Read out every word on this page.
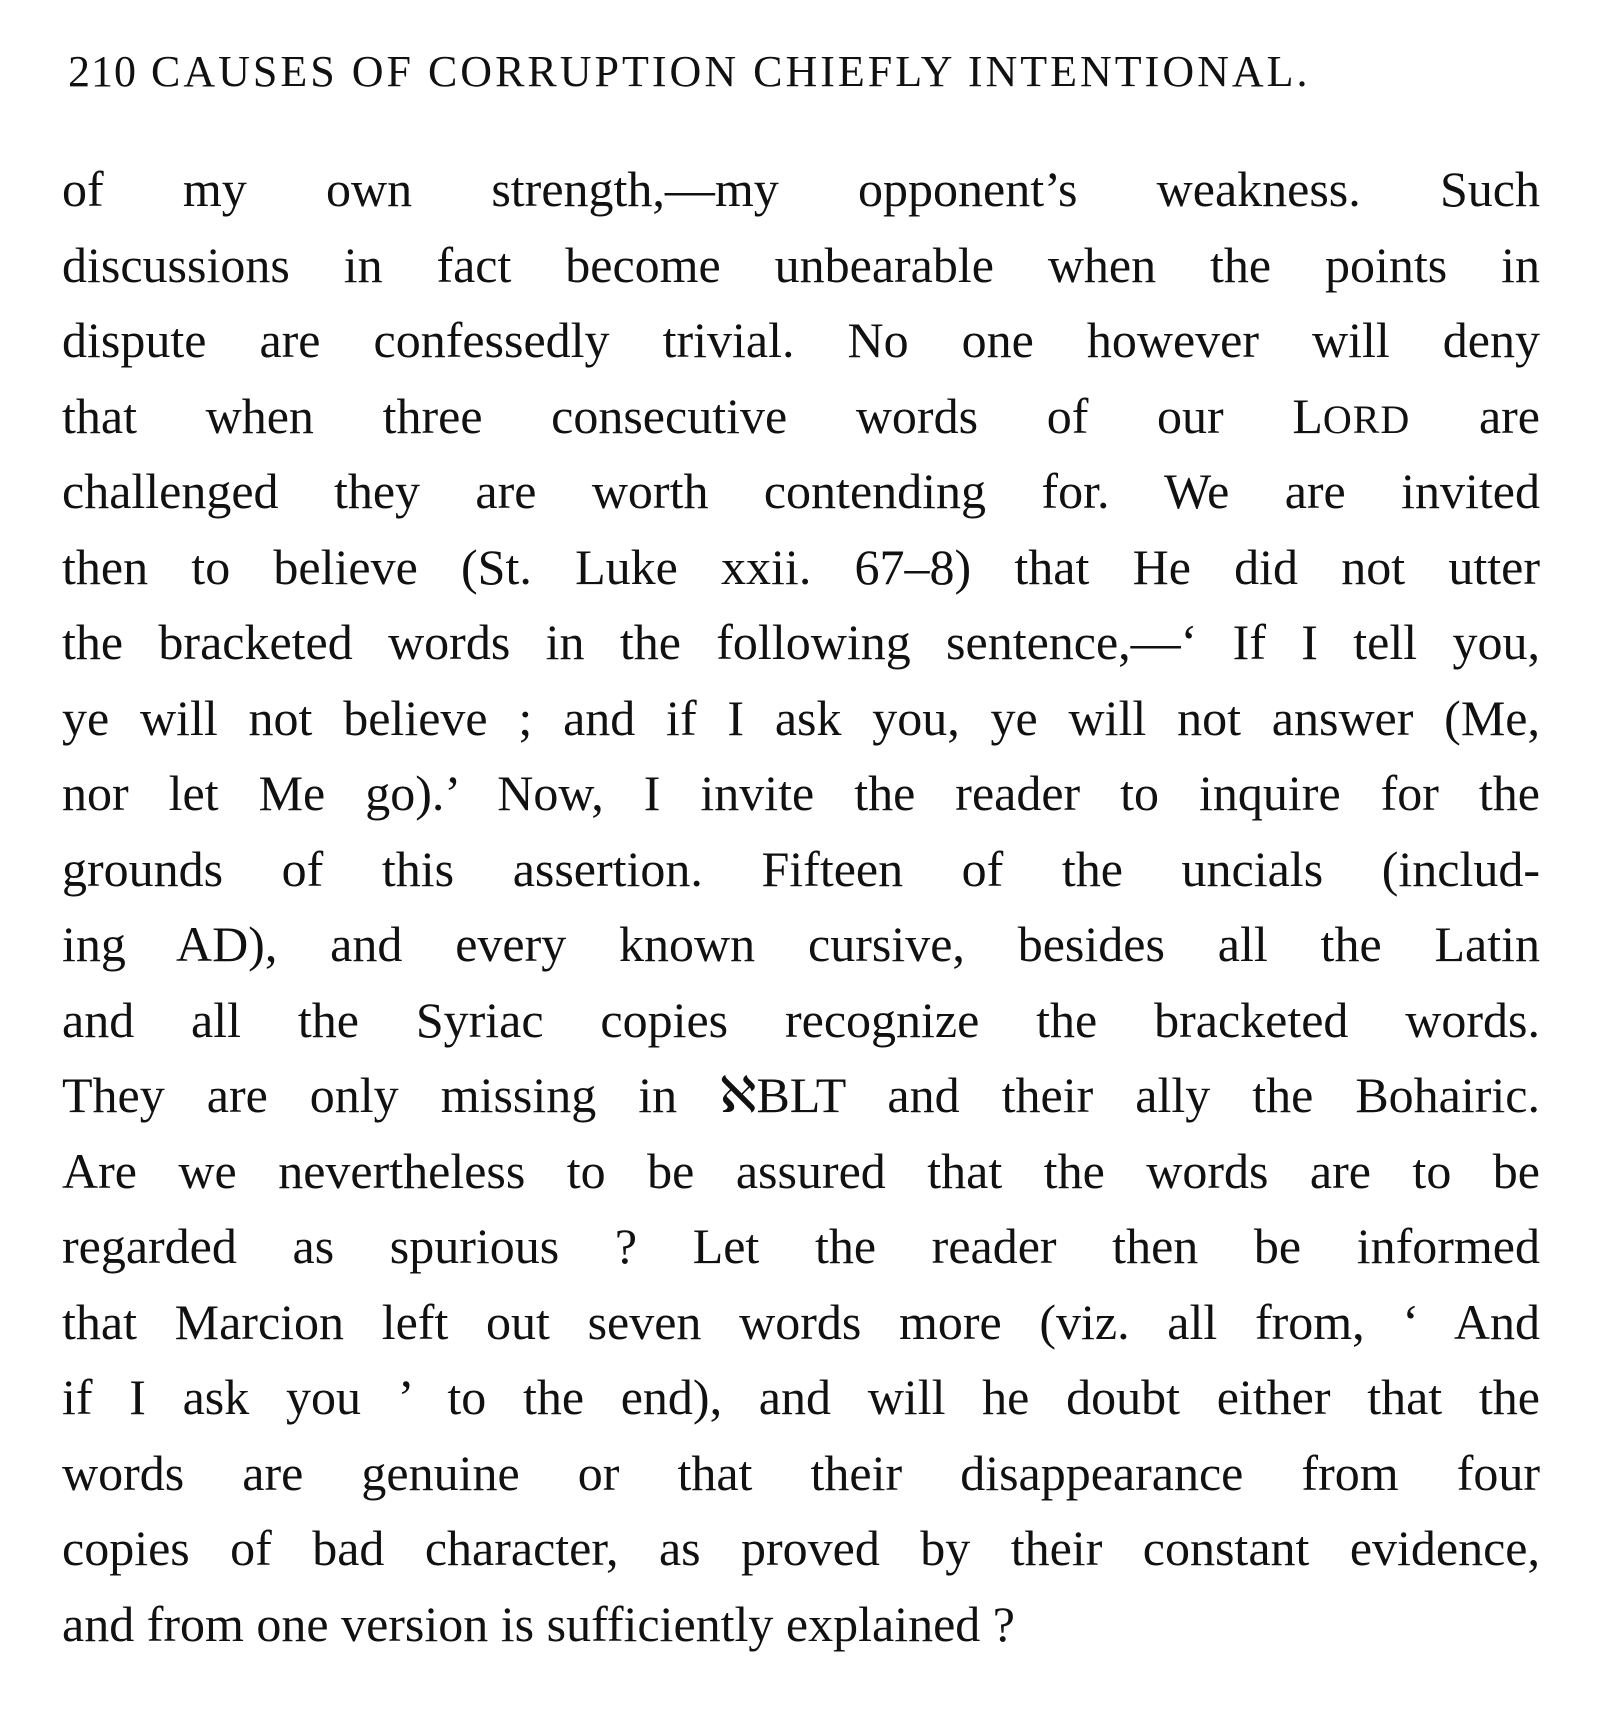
210 CAUSES OF CORRUPTION CHIEFLY INTENTIONAL.
of my own strength,—my opponent’s weakness. Such
discussions in fact become unbearable when the points in
dispute are confessedly trivial. No one however will deny
that when three consecutive words of our LORD are
challenged they are worth contending for. We are invited
then to believe (St. Luke xxii. 67–8) that He did not utter
the bracketed words in the following sentence,—‘ If I tell you,
ye will not believe ; and if I ask you, ye will not answer (Me,
nor let Me go).’ Now, I invite the reader to inquire for the
grounds of this assertion. Fifteen of the uncials (includ-
ing AD), and every known cursive, besides all the Latin
and all the Syriac copies recognize the bracketed words.
They are only missing in ℵBLT and their ally the Bohairic.
Are we nevertheless to be assured that the words are to be
regarded as spurious ? Let the reader then be informed
that Marcion left out seven words more (viz. all from, ‘ And
if I ask you ’ to the end), and will he doubt either that the
words are genuine or that their disappearance from four
copies of bad character, as proved by their constant evidence,
and from one version is sufficiently explained ?
